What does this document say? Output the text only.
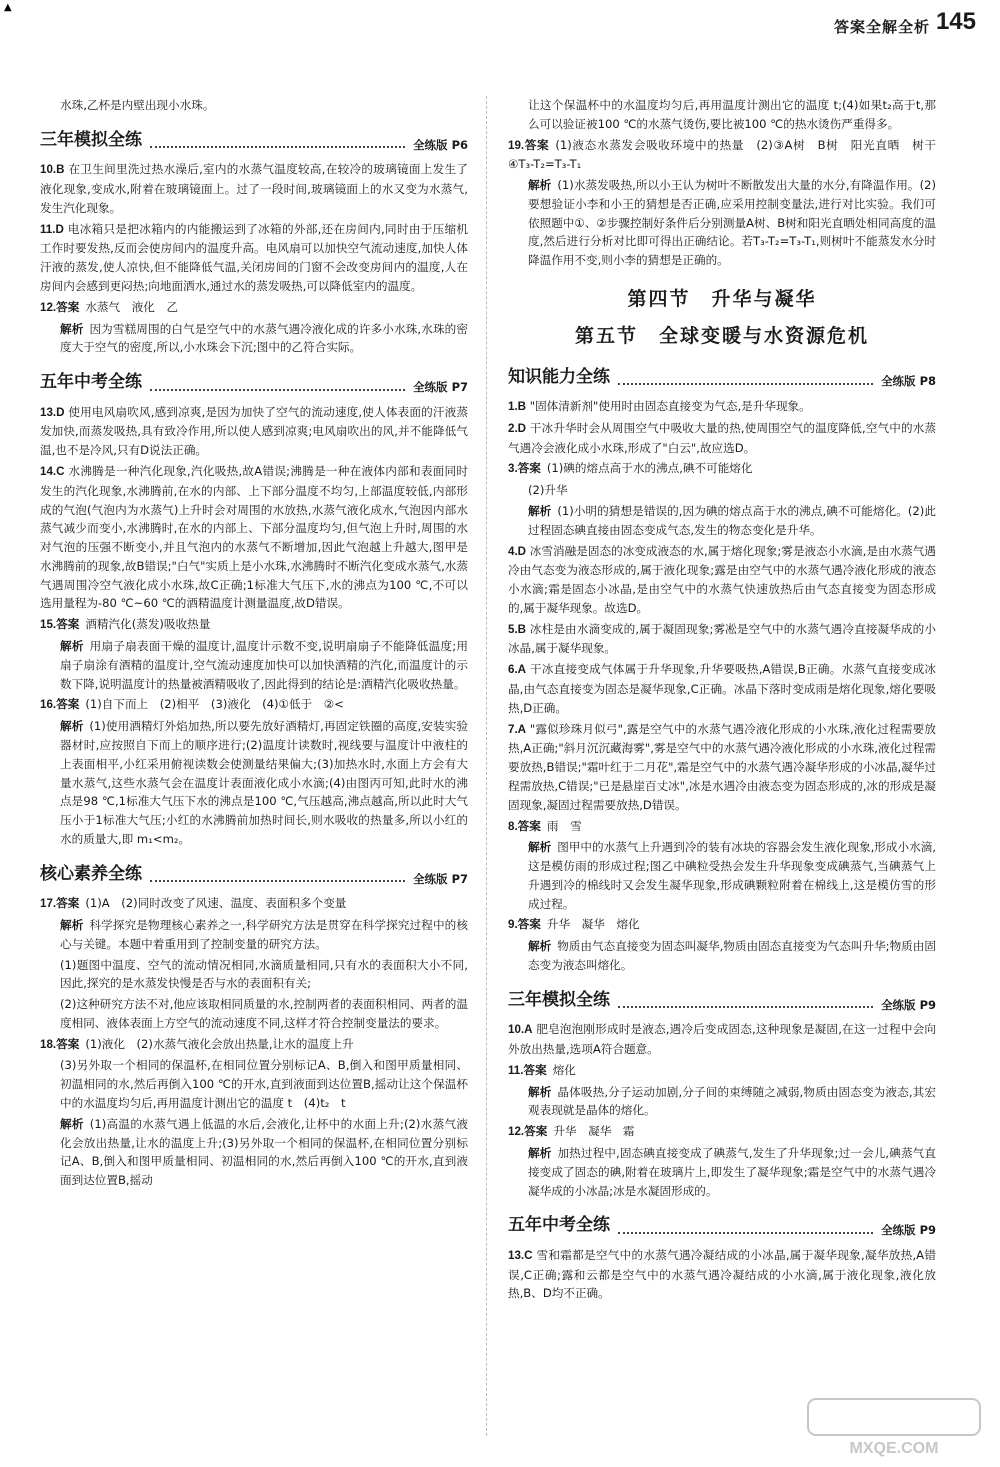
▲
答案全解全析 145

水珠,乙杯是内壁出现小水珠。

三年模拟全练	全练版 P6

10.B 在卫生间里洗过热水澡后,室内的水蒸气温度较高,在较冷的玻璃镜面上发生了液化现象,变成水,附着在玻璃镜面上。过了一段时间,玻璃镜面上的水又变为水蒸气,发生汽化现象。

11.D 电冰箱只是把冰箱内的内能搬运到了冰箱的外部,还在房间内,同时由于压缩机工作时要发热,反而会使房间内的温度升高。电风扇可以加快空气流动速度,加快人体汗液的蒸发,使人凉快,但不能降低气温,关闭房间的门窗不会改变房间内的温度,人在房间内会感到更闷热;向地面洒水,通过水的蒸发吸热,可以降低室内的温度。

12.答案 水蒸气　液化　乙

解析 因为雪糕周围的白气是空气中的水蒸气遇冷液化成的许多小水珠,水珠的密度大于空气的密度,所以,小水珠会下沉;图中的乙符合实际。

五年中考全练	全练版 P7

13.D 使用电风扇吹风,感到凉爽,是因为加快了空气的流动速度,使人体表面的汗液蒸发加快,而蒸发吸热,具有致冷作用,所以使人感到凉爽;电风扇吹出的风,并不能降低气温,也不是冷风,只有D说法正确。

14.C 水沸腾是一种汽化现象,汽化吸热,故A错误;沸腾是一种在液体内部和表面同时发生的汽化现象,水沸腾前,在水的内部、上下部分温度不均匀,上部温度较低,内部形成的气泡(气泡内为水蒸气)上升时会对周围的水放热,水蒸气液化成水,气泡因内部水蒸气减少而变小,水沸腾时,在水的内部上、下部分温度均匀,但气泡上升时,周围的水对气泡的压强不断变小,并且气泡内的水蒸气不断增加,因此气泡越上升越大,图甲是水沸腾前的现象,故B错误;"白气"实质上是小水珠,水沸腾时不断汽化变成水蒸气,水蒸气遇周围冷空气液化成小水珠,故C正确;1标准大气压下,水的沸点为100 ℃,不可以选用量程为-80 ℃~60 ℃的酒精温度计测量温度,故D错误。

15.答案 酒精汽化(蒸发)吸收热量

解析 用扇子扇表面干燥的温度计,温度计示数不变,说明扇扇子不能降低温度;用扇子扇涂有酒精的温度计,空气流动速度加快可以加快酒精的汽化,而温度计的示数下降,说明温度计的热量被酒精吸收了,因此得到的结论是:酒精汽化吸收热量。

16.答案 (1)自下而上　(2)相平　(3)液化　(4)①低于　②<

解析 (1)使用酒精灯外焰加热,所以要先放好酒精灯,再固定铁圈的高度,安装实验器材时,应按照自下而上的顺序进行;(2)温度计读数时,视线要与温度计中液柱的上表面相平,小红采用俯视读数会使测量结果偏大;(3)加热水时,水面上方会有大量水蒸气,这些水蒸气会在温度计表面液化成小水滴;(4)由图丙可知,此时水的沸点是98 ℃,1标准大气压下水的沸点是100 ℃,气压越高,沸点越高,所以此时大气压小于1标准大气压;小红的水沸腾前加热时间长,则水吸收的热量多,所以小红的水的质量大,即 m₁<m₂。

核心素养全练	全练版 P7

17.答案 (1)A　(2)同时改变了风速、温度、表面积多个变量

解析 科学探究是物理核心素养之一,科学研究方法是贯穿在科学探究过程中的核心与关键。本题中着重用到了控制变量的研究方法。

(1)题图中温度、空气的流动情况相同,水滴质量相同,只有水的表面积大小不同,因此,探究的是水蒸发快慢是否与水的表面积有关;

(2)这种研究方法不对,他应该取相同质量的水,控制两者的表面积相同、两者的温度相同、液体表面上方空气的流动速度不同,这样才符合控制变量法的要求。

18.答案 (1)液化　(2)水蒸气液化会放出热量,让水的温度上升

(3)另外取一个相同的保温杯,在相同位置分别标记A、B,倒入和图甲质量相同、初温相同的水,然后再倒入100 ℃的开水,直到液面到达位置B,摇动让这个保温杯中的水温度均匀后,再用温度计测出它的温度 t　(4)t₂　t

解析 (1)高温的水蒸气遇上低温的水后,会液化,让杯中的水面上升;(2)水蒸气液化会放出热量,让水的温度上升;(3)另外取一个相同的保温杯,在相同位置分别标记A、B,倒入和图甲质量相同、初温相同的水,然后再倒入100 ℃的开水,直到液面到达位置B,摇动

让这个保温杯中的水温度均匀后,再用温度计测出它的温度 t;(4)如果t₂高于t,那么可以验证被100 ℃的水蒸气烫伤,要比被100 ℃的热水烫伤严重得多。

19.答案 (1)液态水蒸发会吸收环境中的热量　(2)③A树　B树　阳光直晒　树干　④T₃-T₂=T₃-T₁

解析 (1)水蒸发吸热,所以小王认为树叶不断散发出大量的水分,有降温作用。(2)要想验证小李和小王的猜想是否正确,应采用控制变量法,进行对比实验。我们可依照题中①、②步骤控制好条件后分别测量A树、B树和阳光直晒处相同高度的温度,然后进行分析对比即可得出正确结论。若T₃-T₂=T₃-T₁,则树叶不能蒸发水分时降温作用不变,则小李的猜想是正确的。

第四节　升华与凝华
第五节　全球变暖与水资源危机
知识能力全练	全练版 P8

1.B "固体清新剂"使用时由固态直接变为气态,是升华现象。

2.D 干冰升华时会从周围空气中吸收大量的热,使周围空气的温度降低,空气中的水蒸气遇冷会液化成小水珠,形成了"白云",故应选D。

3.答案 (1)碘的熔点高于水的沸点,碘不可能熔化

(2)升华

解析 (1)小明的猜想是错误的,因为碘的熔点高于水的沸点,碘不可能熔化。(2)此过程固态碘直接由固态变成气态,发生的物态变化是升华。

4.D 冰雪消融是固态的冰变成液态的水,属于熔化现象;雾是液态小水滴,是由水蒸气遇冷由气态变为液态形成的,属于液化现象;露是由空气中的水蒸气遇冷液化形成的液态小水滴;霜是固态小冰晶,是由空气中的水蒸气快速放热后由气态直接变为固态形成的,属于凝华现象。故选D。

5.B 冰柱是由水滴变成的,属于凝固现象;雾凇是空气中的水蒸气遇冷直接凝华成的小冰晶,属于凝华现象。

6.A 干冰直接变成气体属于升华现象,升华要吸热,A错误,B正确。水蒸气直接变成冰晶,由气态直接变为固态是凝华现象,C正确。冰晶下落时变成雨是熔化现象,熔化要吸热,D正确。

7.A "露似珍珠月似弓",露是空气中的水蒸气遇冷液化形成的小水珠,液化过程需要放热,A正确;"斜月沉沉藏海雾",雾是空气中的水蒸气遇冷液化形成的小水珠,液化过程需要放热,B错误;"霜叶红于二月花",霜是空气中的水蒸气遇冷凝华形成的小冰晶,凝华过程需放热,C错误;"已是悬崖百丈冰",冰是水遇冷由液态变为固态形成的,冰的形成是凝固现象,凝固过程需要放热,D错误。

8.答案 雨　雪

解析 图甲中的水蒸气上升遇到冷的装有冰块的容器会发生液化现象,形成小水滴,这是模仿雨的形成过程;图乙中碘粒受热会发生升华现象变成碘蒸气,当碘蒸气上升遇到冷的棉线时又会发生凝华现象,形成碘颗粒附着在棉线上,这是模仿雪的形成过程。

9.答案 升华　凝华　熔化

解析 物质由气态直接变为固态叫凝华,物质由固态直接变为气态叫升华;物质由固态变为液态叫熔化。

三年模拟全练	全练版 P9

10.A 肥皂泡泡刚形成时是液态,遇冷后变成固态,这种现象是凝固,在这一过程中会向外放出热量,选项A符合题意。

11.答案 熔化

解析 晶体吸热,分子运动加剧,分子间的束缚随之减弱,物质由固态变为液态,其宏观表现就是晶体的熔化。

12.答案 升华　凝华　霜

解析 加热过程中,固态碘直接变成了碘蒸气,发生了升华现象;过一会儿,碘蒸气直接变成了固态的碘,附着在玻璃片上,即发生了凝华现象;霜是空气中的水蒸气遇冷凝华成的小冰晶;冰是水凝固形成的。

五年中考全练	全练版 P9

13.C 雪和霜都是空气中的水蒸气遇冷凝结成的小冰晶,属于凝华现象,凝华放热,A错误,C正确;露和云都是空气中的水蒸气遇冷凝结成的小水滴,属于液化现象,液化放热,B、D均不正确。

MXQE.COM
